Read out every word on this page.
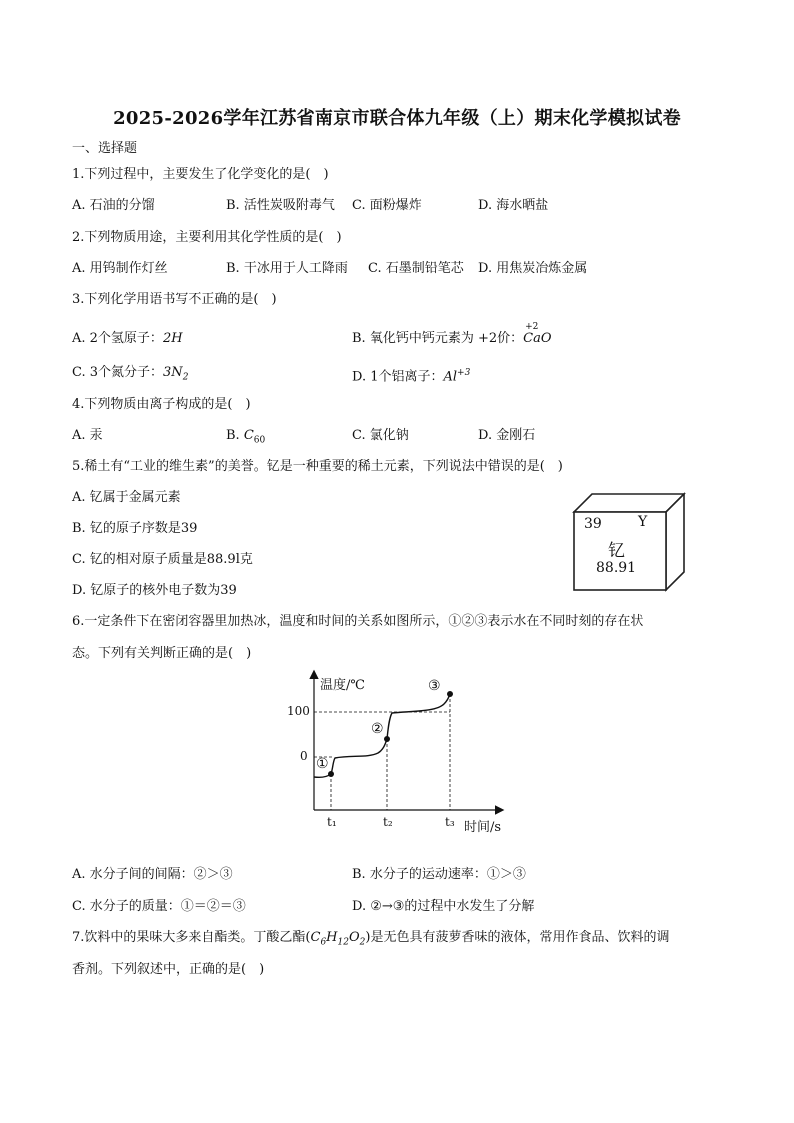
2025-2026学年江苏省南京市联合体九年级（上）期末化学模拟试卷
一、选择题
1.下列过程中，主要发生了化学变化的是(　)
A. 石油的分馏	B. 活性炭吸附毒气 C. 面粉爆炸	D. 海水晒盐
2.下列物质用途，主要利用其化学性质的是(　)
A. 用钨制作灯丝	B. 干冰用于人工降雨 C. 石墨制铅笔芯 D. 用焦炭冶炼金属
3.下列化学用语书写不正确的是(　)
A. 2个氢原子：2H	B. 氧化钙中钙元素为 +2价：CaO
+2
C. 3个氮分子：$3N_2$	D. 1个铝离子：$Al^{+3}$
4.下列物质由离子构成的是(　)
A. 汞	B. $C_{60}$	C. 氯化钠	D. 金刚石
5.稀土有“工业的维生素”的美誉。钇是一种重要的稀土元素，下列说法中错误的是(　)
A. 钇属于金属元素
B. 钇的原子序数是39
C. 钇的相对原子质量是88.9l克
D. 钇原子的核外电子数为39
39	Y
钇
88.91
6.一定条件下在密闭容器里加热冰，温度和时间的关系如图所示，①②③表示水在不同时刻的存在状
态。下列有关判断正确的是(　)
温度/℃
100
0
t₁	t₂	t₃ 时间/s
①
②
③
A. 水分子间的间隔：②＞③	B. 水分子的运动速率：①＞③
C. 水分子的质量：①＝②＝③	D. ②→③的过程中水发生了分解
7.饮料中的果味大多来自酯类。丁酸乙酯$(C_6H_{12}O_2)$是无色具有菠萝香味的液体，常用作食品、饮料的调
香剂。下列叙述中，正确的是(　)
